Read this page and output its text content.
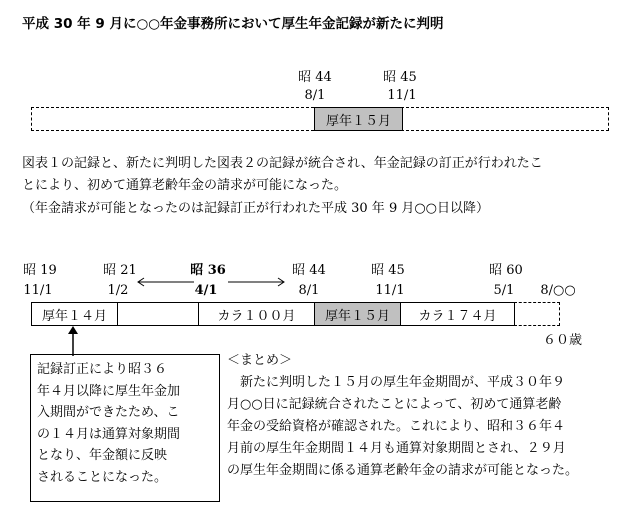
平成 30 年 9 月に○○年金事務所において厚生年金記録が新たに判明
昭 44
8/1
昭 45
11/1
厚年１５月
図表１の記録と、新たに判明した図表２の記録が統合され、年金記録の訂正が行われたこ
とにより、初めて通算老齢年金の請求が可能になった。
（年金請求が可能となったのは記録訂正が行われた平成 30 年 9 月○○日以降）
昭 19
11/1
昭 21
1/2
昭 36
4/1
昭 44
8/1
昭 45
11/1
昭 60
5/1	8/○○
厚年１４月	カラ１００月	厚年１５月	カラ１７４月
６０歳
記録訂正により昭３６
年４月以降に厚生年金加
入期間ができたため、こ
の１４月は通算対象期間
となり、年金額に反映
されることになった。
＜まとめ＞
　新たに判明した１５月の厚生年金期間が、平成３０年９
月○○日に記録統合されたことによって、初めて通算老齢
年金の受給資格が確認された。これにより、昭和３６年４
月前の厚生年金期間１４月も通算対象期間とされ、２９月
の厚生年金期間に係る通算老齢年金の請求が可能となった。
